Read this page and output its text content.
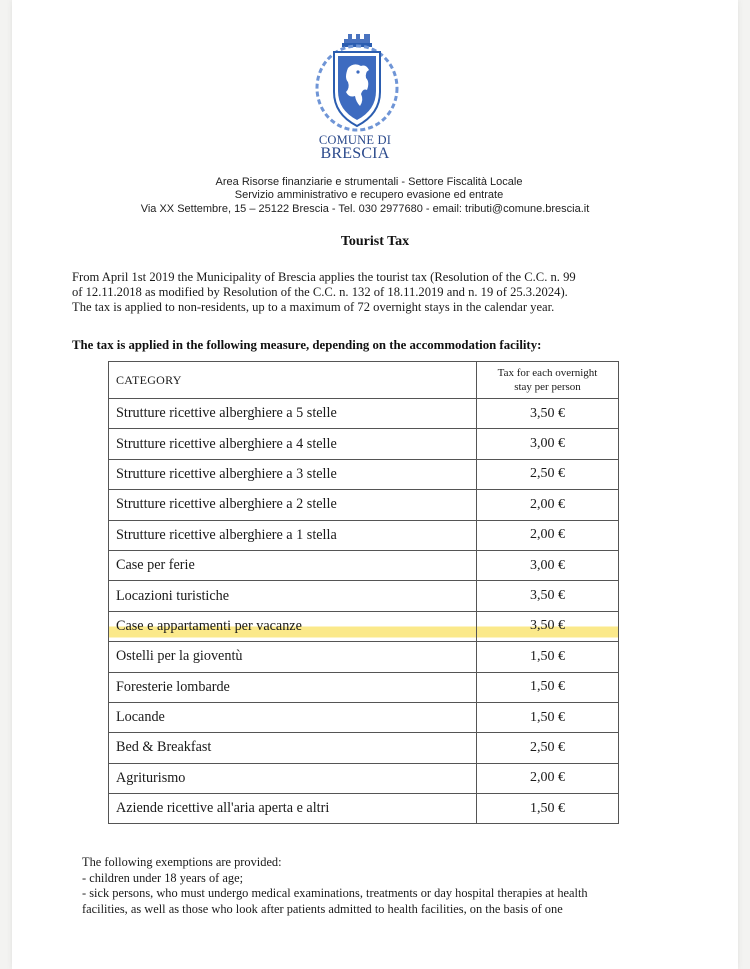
COMUNE DI
BRESCIA
Area Risorse finanziarie e strumentali - Settore Fiscalità Locale
Servizio amministrativo e recupero evasione ed entrate
Via XX Settembre, 15 – 25122 Brescia - Tel. 030 2977680 - email: tributi@comune.brescia.it
Tourist Tax

From April 1st 2019 the Municipality of Brescia applies the tourist tax (Resolution of the C.C. n. 99

of 12.11.2018 as modified by Resolution of the C.C. n. 132 of 18.11.2019 and n. 19 of 25.3.2024).

The tax is applied to non-residents, up to a maximum of 72 overnight stays in the calendar year.

The tax is applied in the following measure, depending on the accommodation facility:
CATEGORY	Tax for each overnight
stay per person
Strutture ricettive alberghiere a 5 stelle	3,50 €
Strutture ricettive alberghiere a 4 stelle	3,00 €
Strutture ricettive alberghiere a 3 stelle	2,50 €
Strutture ricettive alberghiere a 2 stelle	2,00 €
Strutture ricettive alberghiere a 1 stella	2,00 €
Case per ferie	3,00 €
Locazioni turistiche	3,50 €
Case e appartamenti per vacanze	3,50 €
Ostelli per la gioventù	1,50 €
Foresterie lombarde	1,50 €
Locande	1,50 €
Bed & Breakfast	2,50 €
Agriturismo	2,00 €
Aziende ricettive all'aria aperta e altri	1,50 €

The following exemptions are provided:

- children under 18 years of age;

- sick persons, who must undergo medical examinations, treatments or day hospital therapies at health

facilities, as well as those who look after patients admitted to health facilities, on the basis of one
